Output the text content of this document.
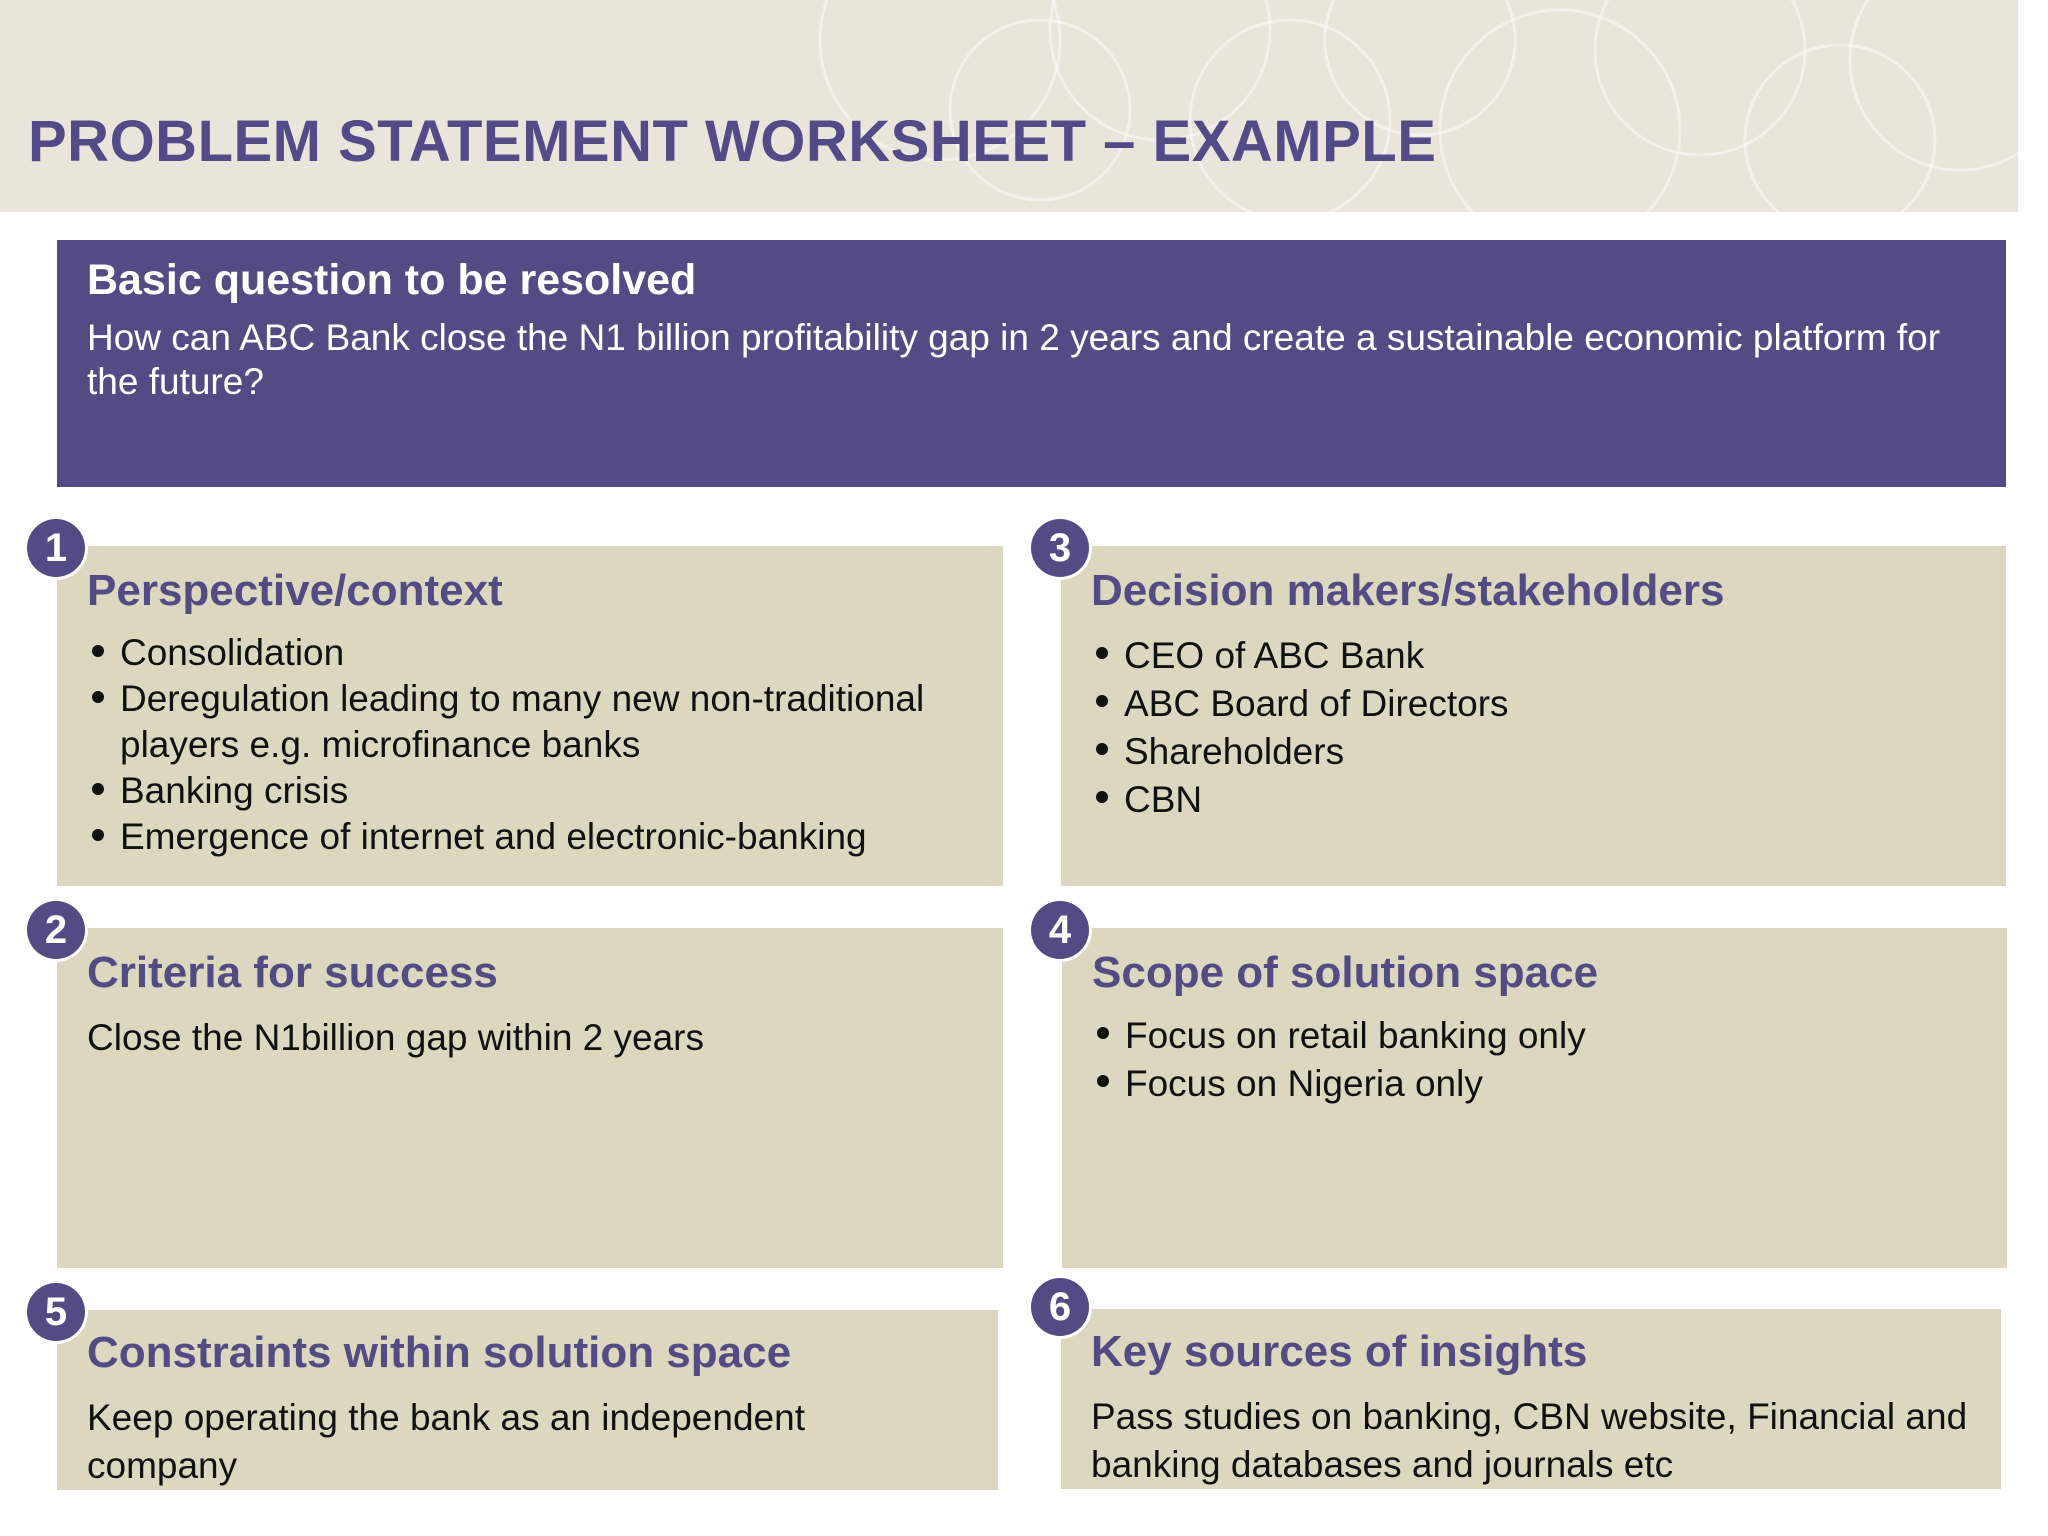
PROBLEM STATEMENT WORKSHEET – EXAMPLE
Basic question to be resolved
How can ABC Bank close the N1 billion profitability gap in 2 years and create a sustainable economic platform for the future?
Perspective/context
Consolidation
Deregulation leading to many new non-traditional players e.g. microfinance banks
Banking crisis
Emergence of internet and electronic-banking
1
Decision makers/stakeholders
CEO of ABC Bank
ABC Board of Directors
Shareholders
CBN
3
Criteria for success
Close the N1billion gap within 2 years
2
Scope of solution space
Focus on retail banking only
Focus on Nigeria only
4
Constraints within solution space
Keep operating the bank as an independent company
5
Key sources of insights
Pass studies on banking, CBN website, Financial and banking databases and journals etc
6
